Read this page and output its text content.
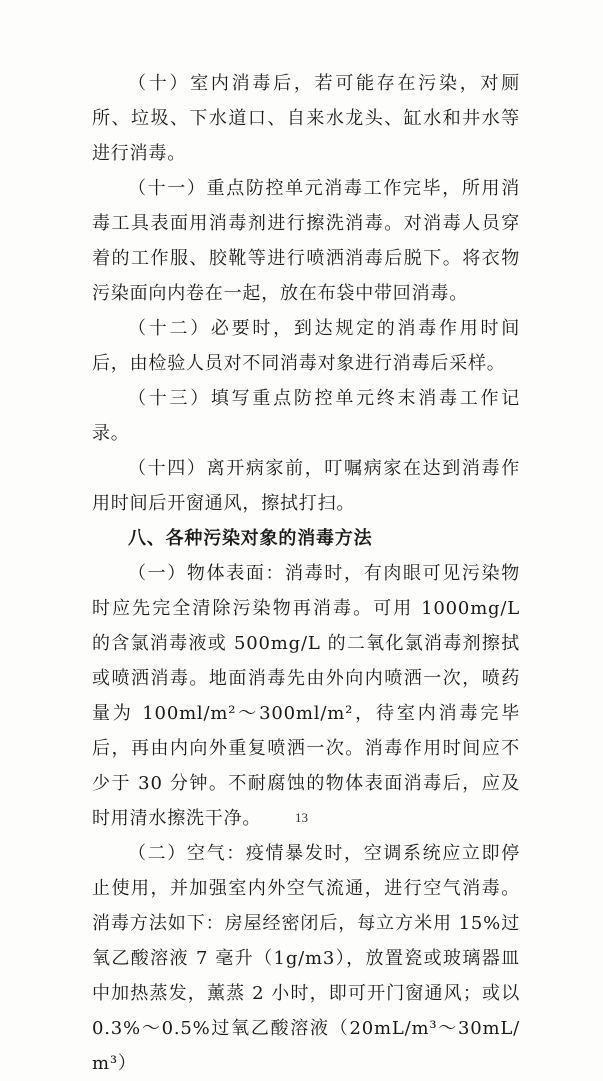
（十）室内消毒后，若可能存在污染，对厕所、垃圾、下水道口、自来水龙头、缸水和井水等进行消毒。

（十一）重点防控单元消毒工作完毕，所用消毒工具表面用消毒剂进行擦洗消毒。对消毒人员穿着的工作服、胶靴等进行喷洒消毒后脱下。将衣物污染面向内卷在一起，放在布袋中带回消毒。

（十二）必要时，到达规定的消毒作用时间后，由检验人员对不同消毒对象进行消毒后采样。

（十三）填写重点防控单元终末消毒工作记录。

（十四）离开病家前，叮嘱病家在达到消毒作用时间后开窗通风，擦拭打扫。

八、各种污染对象的消毒方法

（一）物体表面：消毒时，有肉眼可见污染物时应先完全清除污染物再消毒。可用 1000mg/L 的含氯消毒液或 500mg/L 的二氧化氯消毒剂擦拭或喷洒消毒。地面消毒先由外向内喷洒一次，喷药量为 100ml/m²～300ml/m²，待室内消毒完毕后，再由内向外重复喷洒一次。消毒作用时间应不少于 30 分钟。不耐腐蚀的物体表面消毒后，应及时用清水擦洗干净。

（二）空气：疫情暴发时，空调系统应立即停止使用，并加强室内外空气流通，进行空气消毒。消毒方法如下：房屋经密闭后，每立方米用 15%过氧乙酸溶液 7 毫升（1g/m3），放置瓷或玻璃器皿中加热蒸发，薰蒸 2 小时，即可开门窗通风；或以 0.3%～0.5%过氧乙酸溶液（20mL/m³～30mL/m³）

13
